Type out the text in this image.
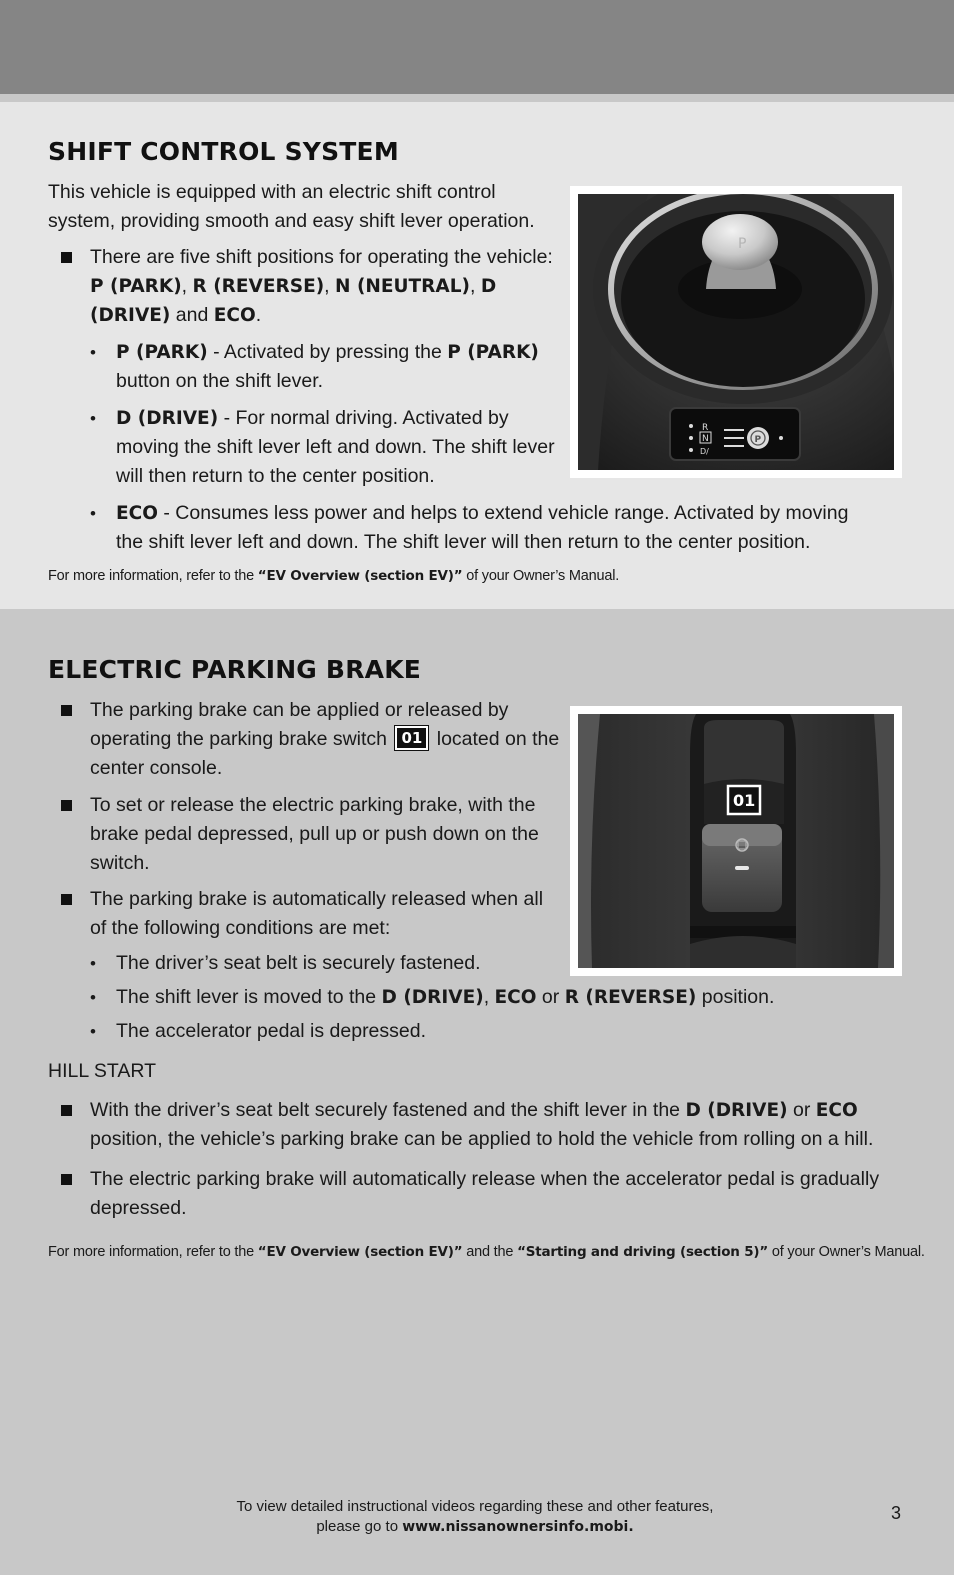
SHIFT CONTROL SYSTEM

This vehicle is equipped with an electric shift control system, providing smooth and easy shift lever operation.

There are five shift positions for operating the vehicle: P (PARK), R (REVERSE), N (NEUTRAL), D (DRIVE) and ECO.

• P (PARK) - Activated by pressing the P (PARK) button on the shift lever.

• D (DRIVE) - For normal driving. Activated by moving the shift lever left and down. The shift lever will then return to the center position.

• ECO - Consumes less power and helps to extend vehicle range. Activated by moving the shift lever left and down. The shift lever will then return to the center position.

For more information, refer to the “EV Overview (section EV)” of your Owner’s Manual.
P
R
N
D/
P
ELECTRIC PARKING BRAKE

The parking brake can be applied or released by operating the parking brake switch 01 located on the center console.

To set or release the electric parking brake, with the brake pedal depressed, pull up or push down on the switch.

The parking brake is automatically released when all of the following conditions are met:

• The driver’s seat belt is securely fastened.

• The shift lever is moved to the D (DRIVE), ECO or R (REVERSE) position.

• The accelerator pedal is depressed.

HILL START

With the driver’s seat belt securely fastened and the shift lever in the D (DRIVE) or ECO position, the vehicle’s parking brake can be applied to hold the vehicle from rolling on a hill.

The electric parking brake will automatically release when the accelerator pedal is gradually depressed.

For more information, refer to the “EV Overview (section EV)” and the “Starting and driving (section 5)” of your Owner’s Manual.
01
To view detailed instructional videos regarding these and other features,
please go to www.nissanownersinfo.mobi.
3
